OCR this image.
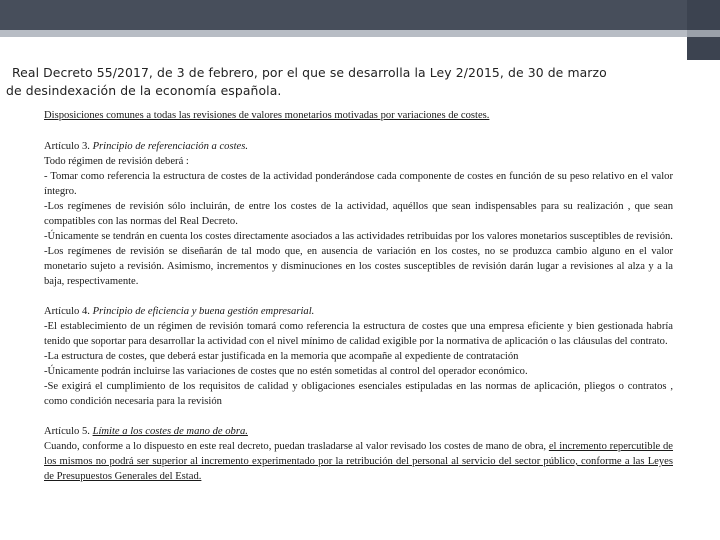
Real Decreto 55/2017, de 3 de febrero, por el que se desarrolla la Ley 2/2015, de 30 de marzo
de desindexación de la economía española.
Disposiciones comunes a todas las revisiones de valores monetarios motivadas por variaciones de costes.
Artículo 3. Principio de referenciación a costes.
Todo régimen de revisión deberá :
- Tomar como referencia la estructura de costes de la actividad ponderándose cada componente de costes en función de su peso relativo en el valor íntegro.
-Los regímenes de revisión sólo incluirán, de entre los costes de la actividad, aquéllos que sean indispensables para su realización , que sean compatibles con las normas del Real Decreto.
-Únicamente se tendrán en cuenta los costes directamente asociados a las actividades retribuidas por los valores monetarios susceptibles de revisión.
-Los regímenes de revisión se diseñarán de tal modo que, en ausencia de variación en los costes, no se produzca cambio alguno en el valor monetario sujeto a revisión. Asimismo, incrementos y disminuciones en los costes susceptibles de revisión darán lugar a revisiones al alza y a la baja, respectivamente.
Artículo 4. Principio de eficiencia y buena gestión empresarial.
-El establecimiento de un régimen de revisión tomará como referencia la estructura de costes que una empresa eficiente y bien gestionada habría tenido que soportar para desarrollar la actividad con el nivel mínimo de calidad exigible por la normativa de aplicación o las cláusulas del contrato.
-La estructura de costes, que deberá estar justificada en la memoria que acompañe al expediente de contratación
-Únicamente podrán incluirse las variaciones de costes que no estén sometidas al control del operador económico.
-Se exigirá el cumplimiento de los requisitos de calidad y obligaciones esenciales estipuladas en las normas de aplicación, pliegos o contratos , como condición necesaria para la revisión
Artículo 5. Límite a los costes de mano de obra.
Cuando, conforme a lo dispuesto en este real decreto, puedan trasladarse al valor revisado los costes de mano de obra, el incremento repercutible de los mismos no podrá ser superior al incremento experimentado por la retribución del personal al servicio del sector público, conforme a las Leyes de Presupuestos Generales del Estad.
